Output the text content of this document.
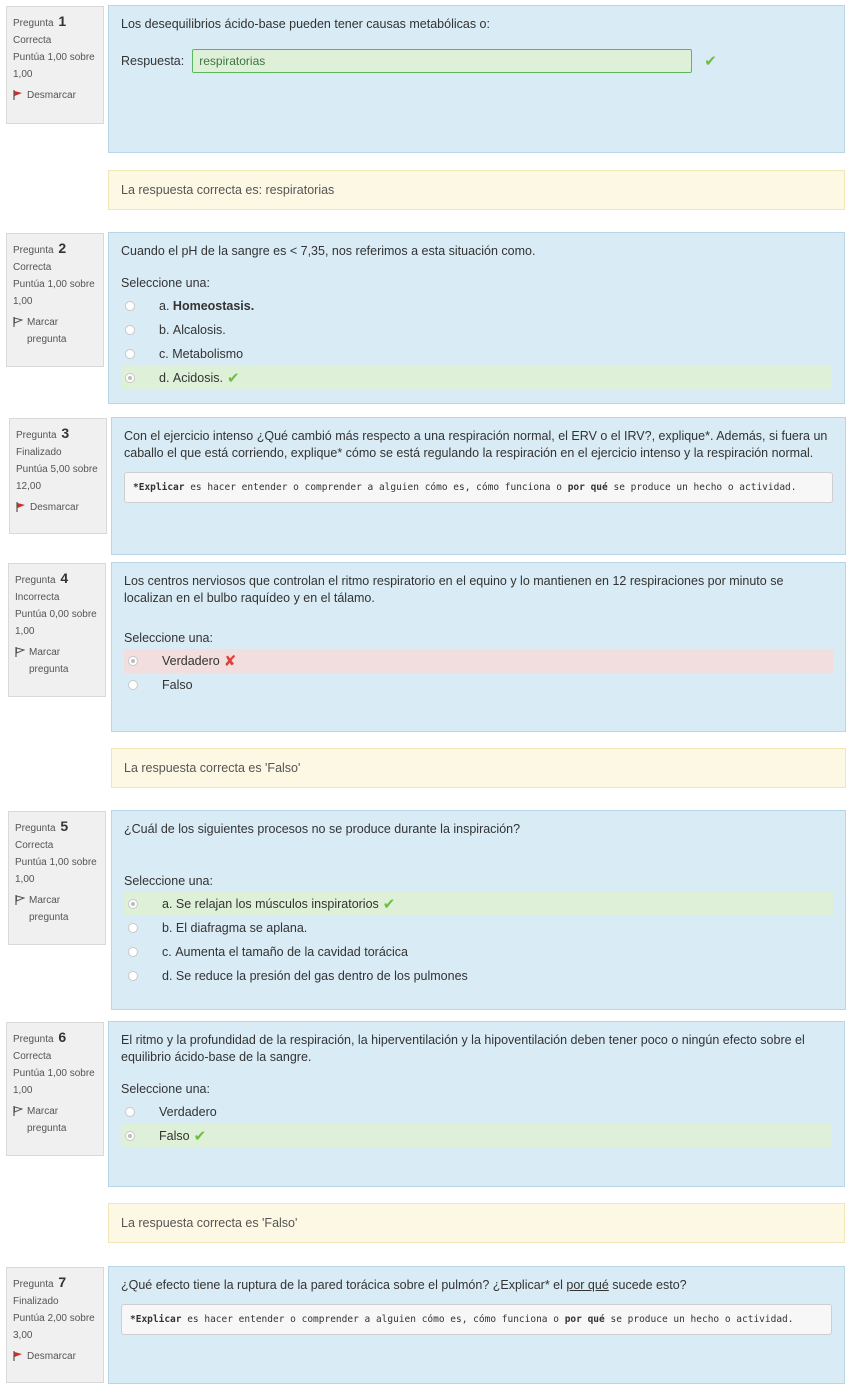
Pregunta 1
Correcta
Puntúa 1,00 sobre 1,00
Desmarcar
Los desequilibrios ácido-base pueden tener causas metabólicas o:
Respuesta:
respiratorias	✔
La respuesta correcta es: respiratorias
Pregunta 2
Correcta
Puntúa 1,00 sobre 1,00
Marcar pregunta
Cuando el pH de la sangre es < 7,35, nos referimos a esta situación como.
Seleccione una:
a.
Homeostasis.
b.
Alcalosis.
c.
Metabolismo
d.
Acidosis. ✔
Pregunta 3
Finalizado
Puntúa 5,00 sobre 12,00
Desmarcar
Con el ejercicio intenso ¿Qué cambió más respecto a una respiración normal, el ERV o el IRV?, explique*. Además, si fuera un caballo el que está corriendo, explique* cómo se está regulando la respiración en el ejercicio intenso y la respiración normal.
*Explicar es hacer entender o comprender a alguien cómo es, cómo funciona o por qué se produce un hecho o actividad.
Pregunta 4
Incorrecta
Puntúa 0,00 sobre 1,00
Marcar pregunta
Los centros nerviosos que controlan el ritmo respiratorio en el equino y lo mantienen en 12 respiraciones por minuto se localizan en el bulbo raquídeo y en el tálamo.
Seleccione una:
Verdadero ✘
Falso
La respuesta correcta es 'Falso'
Pregunta 5
Correcta
Puntúa 1,00 sobre 1,00
Marcar pregunta
¿Cuál de los siguientes procesos no se produce durante la inspiración?
Seleccione una:
a.
Se relajan los músculos inspiratorios ✔
b.
El diafragma se aplana.
c.
Aumenta el tamaño de la cavidad torácica
d.
Se reduce la presión del gas dentro de los pulmones
Pregunta 6
Correcta
Puntúa 1,00 sobre 1,00
Marcar pregunta
El ritmo y la profundidad de la respiración, la hiperventilación y la hipoventilación deben tener poco o ningún efecto sobre el equilibrio ácido-base de la sangre.
Seleccione una:
Verdadero
Falso ✔
La respuesta correcta es 'Falso'
Pregunta 7
Finalizado
Puntúa 2,00 sobre 3,00
Desmarcar
¿Qué efecto tiene la ruptura de la pared torácica sobre el pulmón? ¿Explicar* el por qué sucede esto?
*Explicar es hacer entender o comprender a alguien cómo es, cómo funciona o por qué se produce un hecho o actividad.
